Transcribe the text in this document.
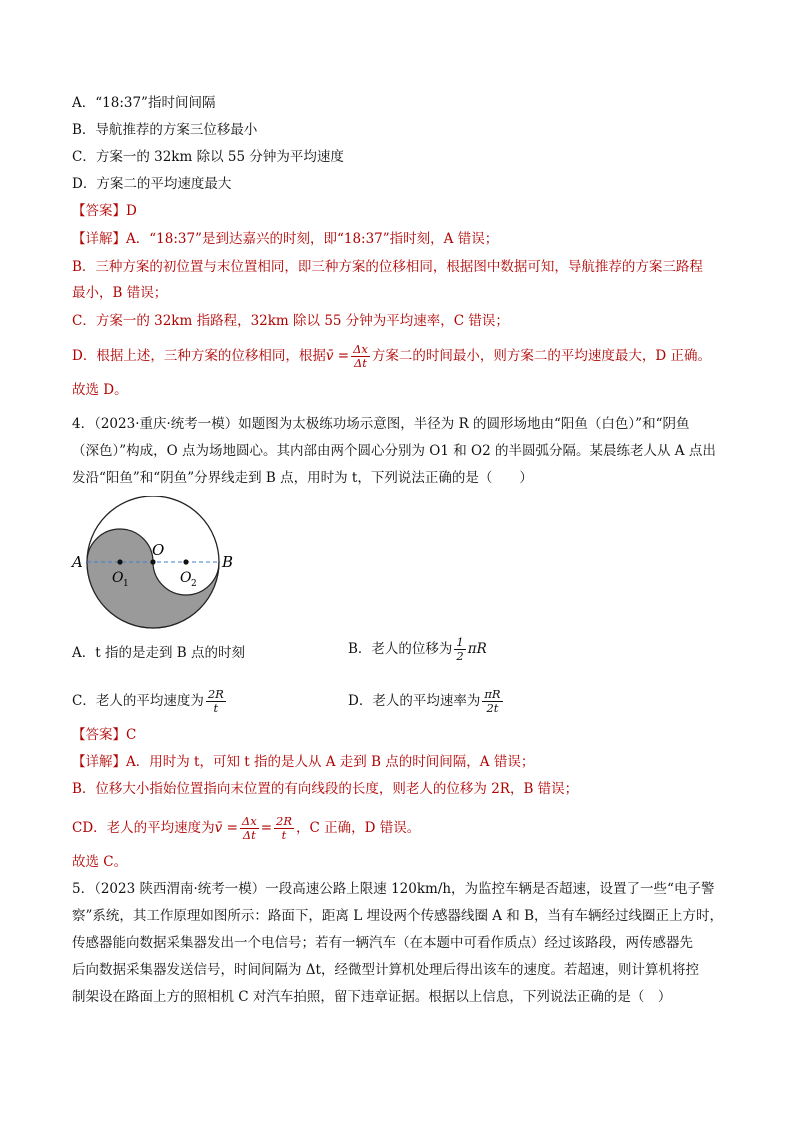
A．“18:37”指时间间隔
B．导航推荐的方案三位移最小
C．方案一的 32km 除以 55 分钟为平均速度
D．方案二的平均速度最大
【答案】D
【详解】A．“18:37”是到达嘉兴的时刻，即“18:37”指时刻，A 错误；
B．三种方案的初位置与末位置相同，即三种方案的位移相同，根据图中数据可知，导航推荐的方案三路程
最小，B 错误；
C．方案一的 32km 指路程，32km 除以 55 分钟为平均速率，C 错误；
D．根据上述，三种方案的位移相同，根据v̄ = $\frac{\Delta x}{\Delta t}$ 方案二的时间最小，则方案二的平均速度最大，D 正确。
故选 D。
4．（2023·重庆·统考一模）如题图为太极练功场示意图，半径为 R 的圆形场地由“阳鱼（白色）”和“阴鱼
（深色）”构成，O 点为场地圆心。其内部由两个圆心分别为 O1 和 O2 的半圆弧分隔。某晨练老人从 A 点出
发沿“阳鱼”和“阴鱼”分界线走到 B 点，用时为 t，下列说法正确的是（　　）
A	B
O
O 1	O 2
A．t 指的是走到 B 点的时刻	B．老人的位移为 $\frac{1}{2}$ πR
C．老人的平均速度为 $\frac{2R}{t}$	D．老人的平均速率为 $\frac{\pi R}{2t}$
【答案】C
【详解】A．用时为 t，可知 t 指的是人从 A 走到 B 点的时间间隔，A 错误；
B．位移大小指始位置指向末位置的有向线段的长度，则老人的位移为 2R，B 错误；
CD．老人的平均速度为v̄ = $\frac{\Delta x}{\Delta t} = \frac{2R}{t}$ ，C 正确，D 错误。
故选 C。
5．（2023 陕西渭南·统考一模）一段高速公路上限速 120km/h，为监控车辆是否超速，设置了一些“电子警
察”系统，其工作原理如图所示：路面下，距离 L 埋设两个传感器线圈 A 和 B，当有车辆经过线圈正上方时，
传感器能向数据采集器发出一个电信号；若有一辆汽车（在本题中可看作质点）经过该路段，两传感器先
后向数据采集器发送信号，时间间隔为 Δt，经微型计算机处理后得出该车的速度。若超速，则计算机将控
制架设在路面上方的照相机 C 对汽车拍照，留下违章证据。根据以上信息，下列说法正确的是（　）
